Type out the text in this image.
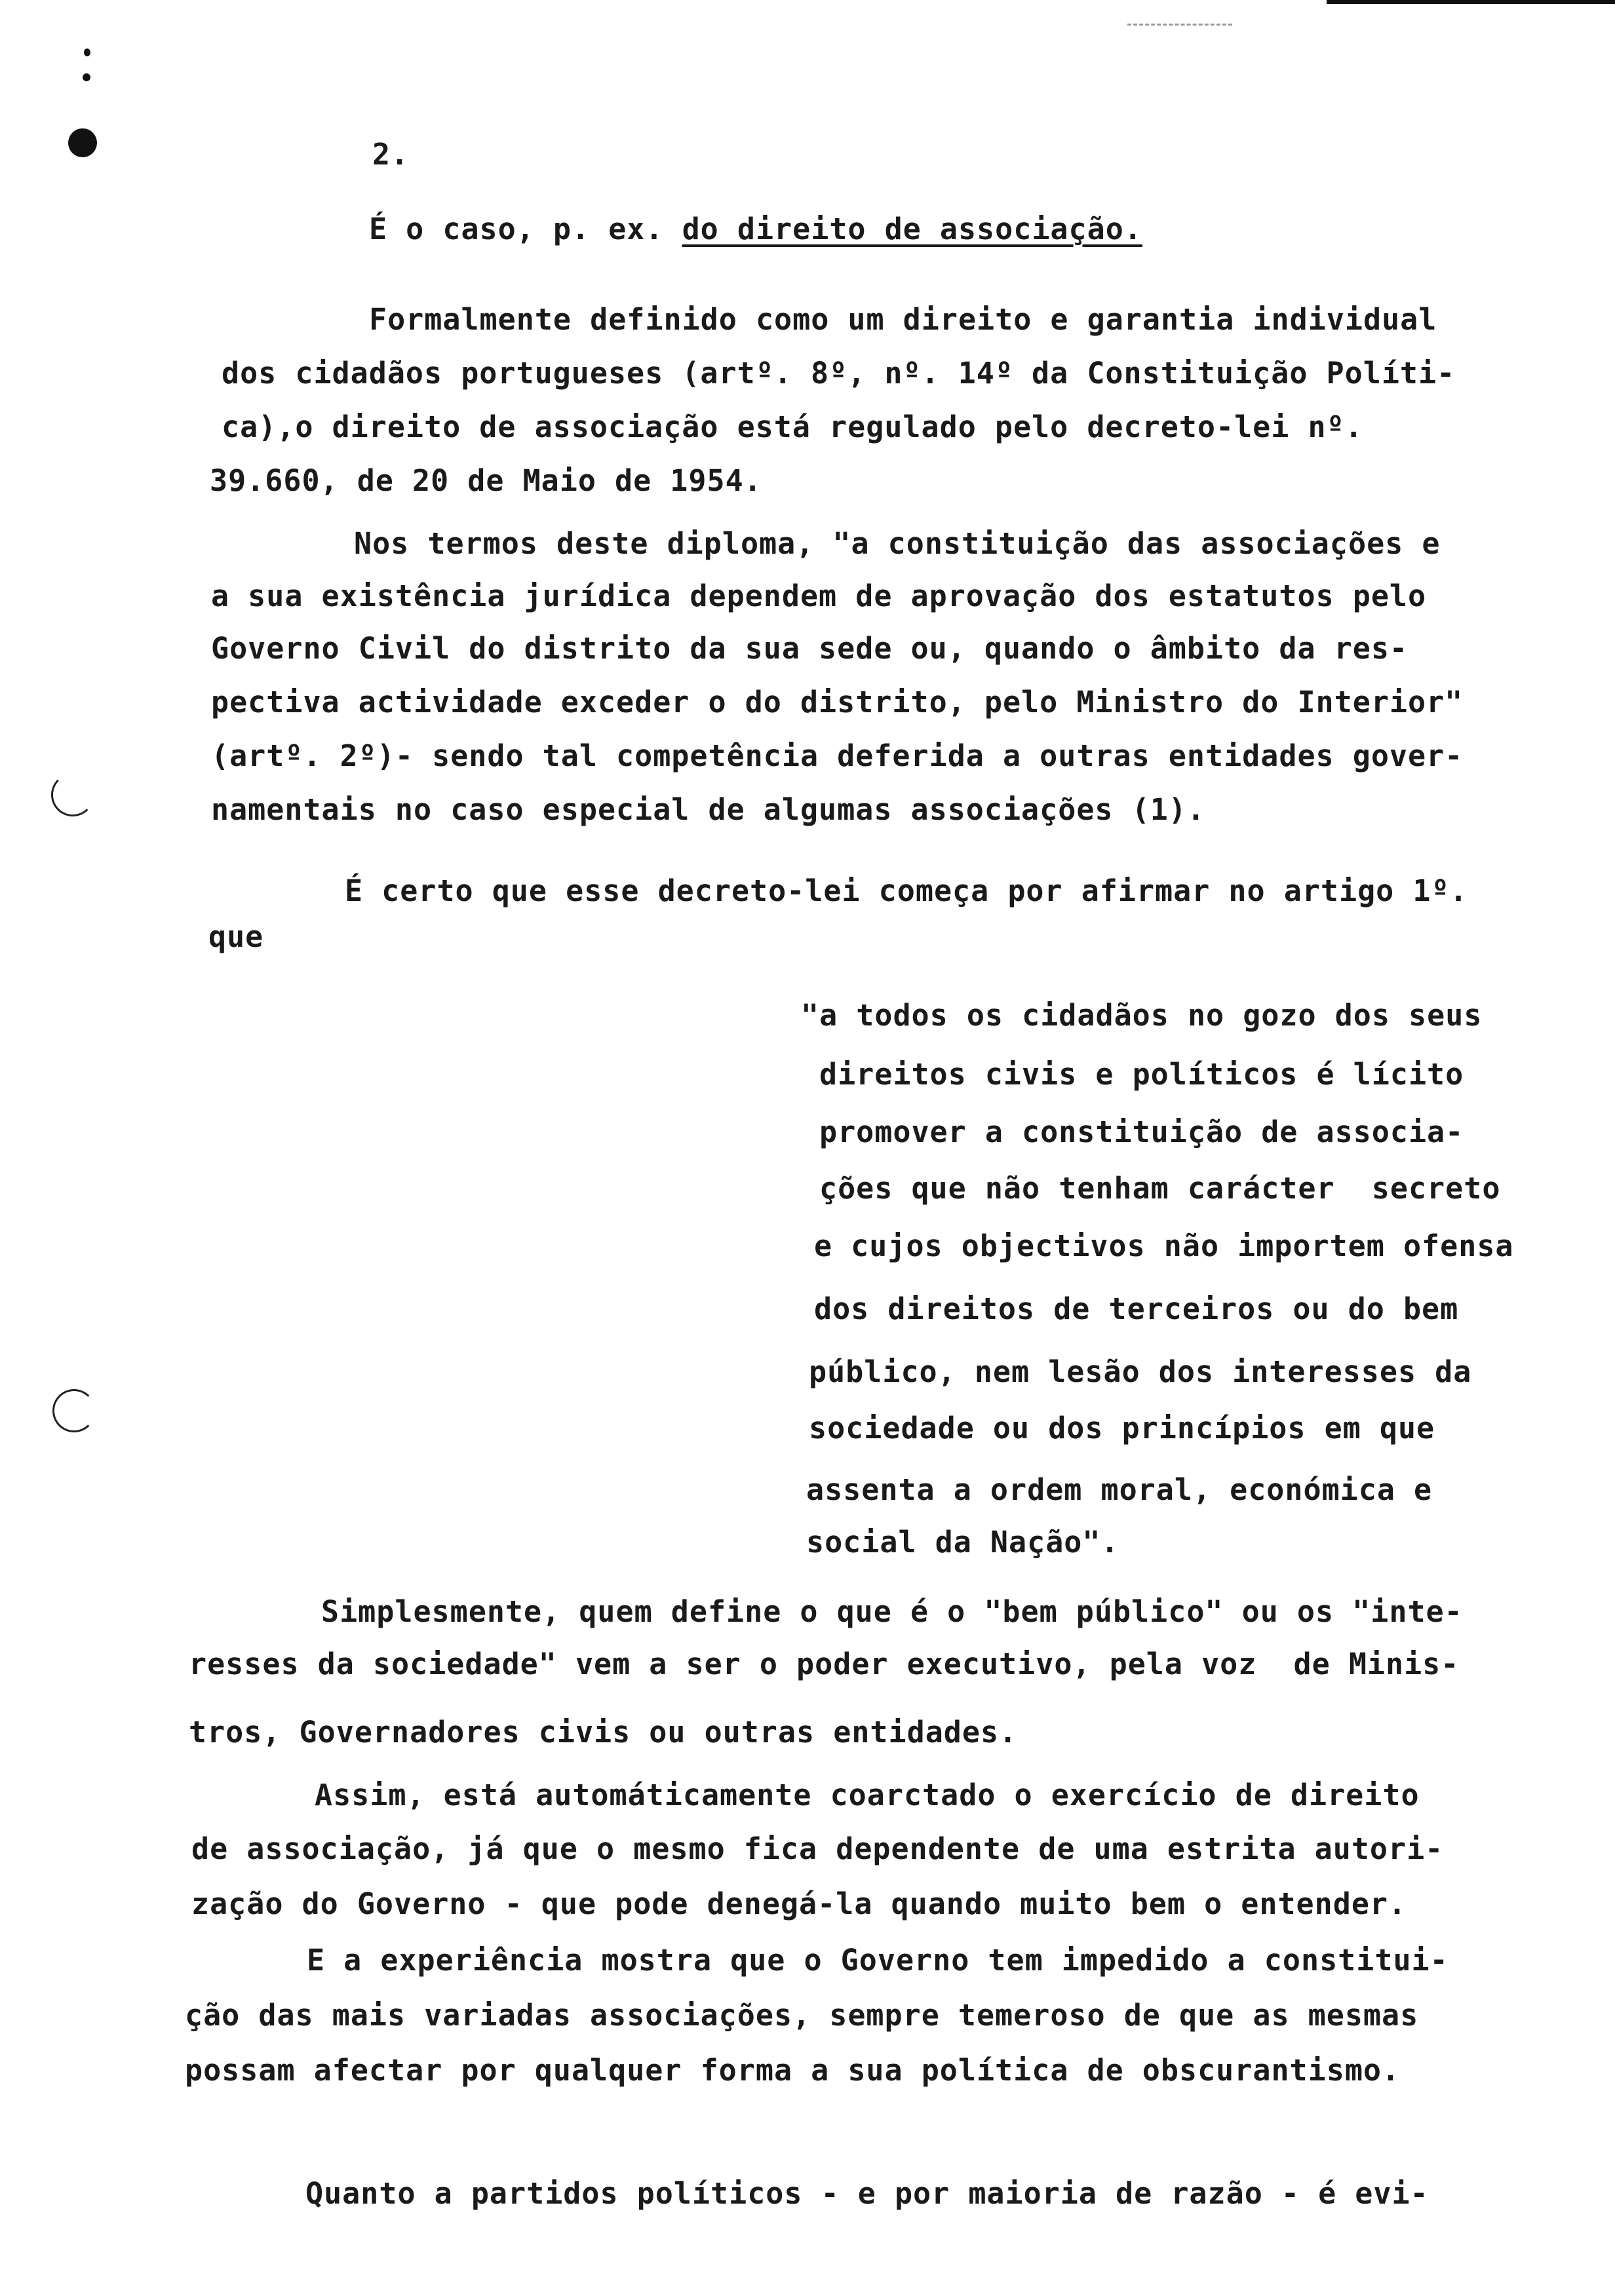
2.

É o caso, p. ex. do direito de associação.

Formalmente definido como um direito e garantia individual

dos cidadãos portugueses (artº. 8º, nº. 14º da Constituição Políti-

ca),o direito de associação está regulado pelo decreto-lei nº.

39.660, de 20 de Maio de 1954.

Nos termos deste diploma, "a constituição das associações e

a sua existência jurídica dependem de aprovação dos estatutos pelo

Governo Civil do distrito da sua sede ou, quando o âmbito da res-

pectiva actividade exceder o do distrito, pelo Ministro do Interior"

(artº. 2º)- sendo tal competência deferida a outras entidades gover-

namentais no caso especial de algumas associações (1).

É certo que esse decreto-lei começa por afirmar no artigo 1º.

que

"a todos os cidadãos no gozo dos seus

direitos civis e políticos é lícito

promover a constituição de associa-

ções que não tenham carácter  secreto

e cujos objectivos não importem ofensa

dos direitos de terceiros ou do bem

público, nem lesão dos interesses da

sociedade ou dos princípios em que

assenta a ordem moral, económica e

social da Nação".

Simplesmente, quem define o que é o "bem público" ou os "inte-

resses da sociedade" vem a ser o poder executivo, pela voz  de Minis-

tros, Governadores civis ou outras entidades.

Assim, está automáticamente coarctado o exercício de direito

de associação, já que o mesmo fica dependente de uma estrita autori-

zação do Governo - que pode denegá-la quando muito bem o entender.

E a experiência mostra que o Governo tem impedido a constitui-

ção das mais variadas associações, sempre temeroso de que as mesmas

possam afectar por qualquer forma a sua política de obscurantismo.

Quanto a partidos políticos - e por maioria de razão - é evi-
